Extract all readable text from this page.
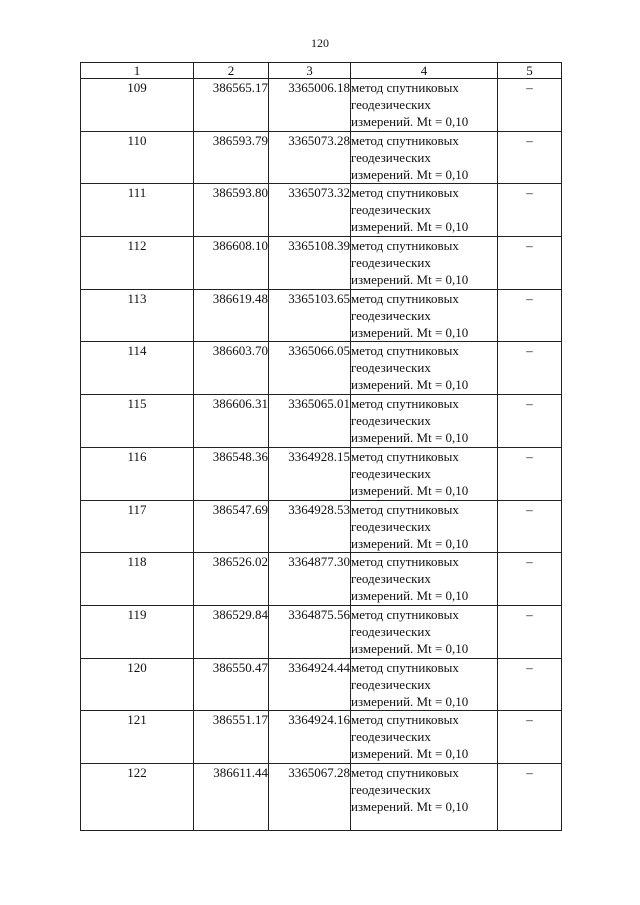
120
1	2	3	4	5
109	386565.17	3365006.18	метод спутниковых
геодезических
измерений. Mt = 0,10	–
110	386593.79	3365073.28	метод спутниковых
геодезических
измерений. Mt = 0,10	–
111	386593.80	3365073.32	метод спутниковых
геодезических
измерений. Mt = 0,10	–
112	386608.10	3365108.39	метод спутниковых
геодезических
измерений. Mt = 0,10	–
113	386619.48	3365103.65	метод спутниковых
геодезических
измерений. Mt = 0,10	–
114	386603.70	3365066.05	метод спутниковых
геодезических
измерений. Mt = 0,10	–
115	386606.31	3365065.01	метод спутниковых
геодезических
измерений. Mt = 0,10	–
116	386548.36	3364928.15	метод спутниковых
геодезических
измерений. Mt = 0,10	–
117	386547.69	3364928.53	метод спутниковых
геодезических
измерений. Mt = 0,10	–
118	386526.02	3364877.30	метод спутниковых
геодезических
измерений. Mt = 0,10	–
119	386529.84	3364875.56	метод спутниковых
геодезических
измерений. Mt = 0,10	–
120	386550.47	3364924.44	метод спутниковых
геодезических
измерений. Mt = 0,10	–
121	386551.17	3364924.16	метод спутниковых
геодезических
измерений. Mt = 0,10	–
122	386611.44	3365067.28	метод спутниковых
геодезических
измерений. Mt = 0,10	–
